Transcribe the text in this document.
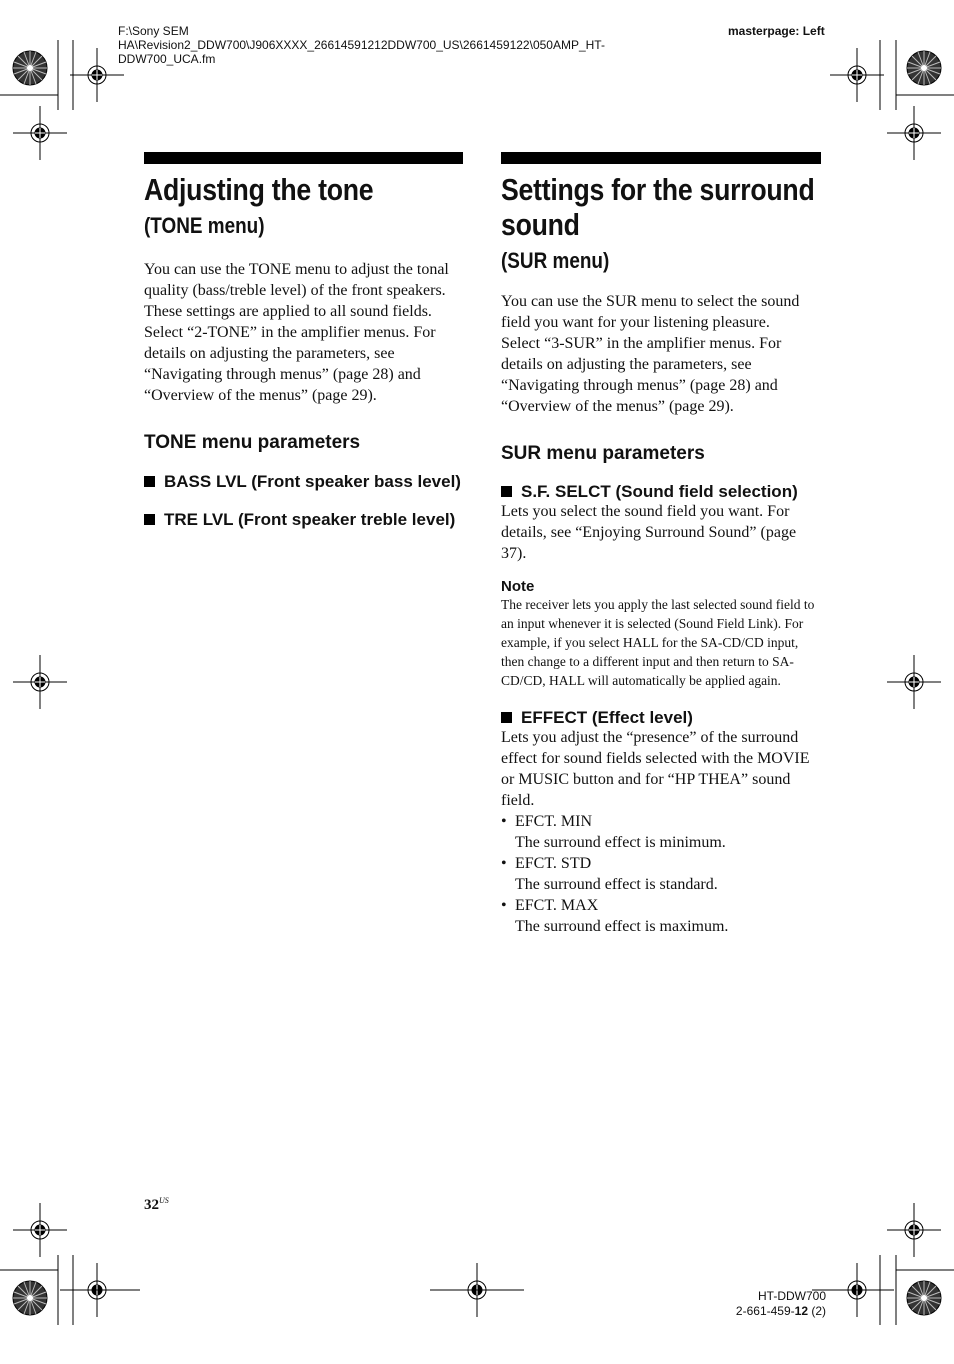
F:\Sony SEM
HA\Revision2_DDW700\J906XXXX_26614591212DDW700_US\2661459122\050AMP_HT-
DDW700_UCA.fm
masterpage: Left
Adjusting the tone
(TONE menu)

You can use the TONE menu to adjust the tonal quality (bass/treble level) of the front speakers. These settings are applied to all sound fields.

Select “2-TONE” in the amplifier menus. For details on adjusting the parameters, see “Navigating through menus” (page 28) and “Overview of the menus” (page 29).

TONE menu parameters
BASS LVL (Front speaker bass level)
TRE LVL (Front speaker treble level)
Settings for the surround
sound
(SUR menu)

You can use the SUR menu to select the sound field you want for your listening pleasure.

Select “3-SUR” in the amplifier menus. For details on adjusting the parameters, see “Navigating through menus” (page 28) and “Overview of the menus” (page 29).

SUR menu parameters
S.F. SELCT (Sound field selection)

Lets you select the sound field you want. For details, see “Enjoying Surround Sound” (page 37).

Note

The receiver lets you apply the last selected sound field to an input whenever it is selected (Sound Field Link). For example, if you select HALL for the SA-CD/CD input, then change to a different input and then return to SA-CD/CD, HALL will automatically be applied again.

EFFECT (Effect level)

Lets you adjust the “presence” of the surround effect for sound fields selected with the MOVIE or MUSIC button and for “HP THEA” sound field.

• EFCT. MIN
The surround effect is minimum.
• EFCT. STD
The surround effect is standard.
• EFCT. MAX
The surround effect is maximum.
$32^{US}$
HT-DDW700
2-661-459-12 (2)
